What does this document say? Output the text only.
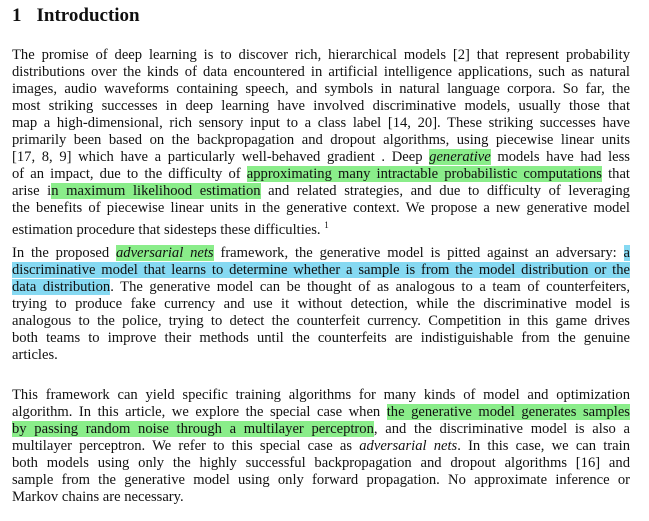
1 Introduction
The promise of deep learning is to discover rich, hierarchical models [2] that represent probability
distributions over the kinds of data encountered in artificial intelligence applications, such as natural
images, audio waveforms containing speech, and symbols in natural language corpora. So far, the
most striking successes in deep learning have involved discriminative models, usually those that
map a high-dimensional, rich sensory input to a class label [14, 20]. These striking successes have
primarily been based on the backpropagation and dropout algorithms, using piecewise linear units
[17, 8, 9] which have a particularly well-behaved gradient . Deep generative models have had less
of an impact, due to the difficulty of approximating many intractable probabilistic computations that
arise in maximum likelihood estimation and related strategies, and due to difficulty of leveraging
the benefits of piecewise linear units in the generative context. We propose a new generative model
estimation procedure that sidesteps these difficulties. $^1$
In the proposed adversarial nets framework, the generative model is pitted against an adversary: a
discriminative model that learns to determine whether a sample is from the model distribution or the
data distribution. The generative model can be thought of as analogous to a team of counterfeiters,
trying to produce fake currency and use it without detection, while the discriminative model is
analogous to the police, trying to detect the counterfeit currency. Competition in this game drives
both teams to improve their methods until the counterfeits are indistiguishable from the genuine
articles.
This framework can yield specific training algorithms for many kinds of model and optimization
algorithm. In this article, we explore the special case when the generative model generates samples
by passing random noise through a multilayer perceptron, and the discriminative model is also a
multilayer perceptron. We refer to this special case as adversarial nets. In this case, we can train
both models using only the highly successful backpropagation and dropout algorithms [16] and
sample from the generative model using only forward propagation. No approximate inference or
Markov chains are necessary.
